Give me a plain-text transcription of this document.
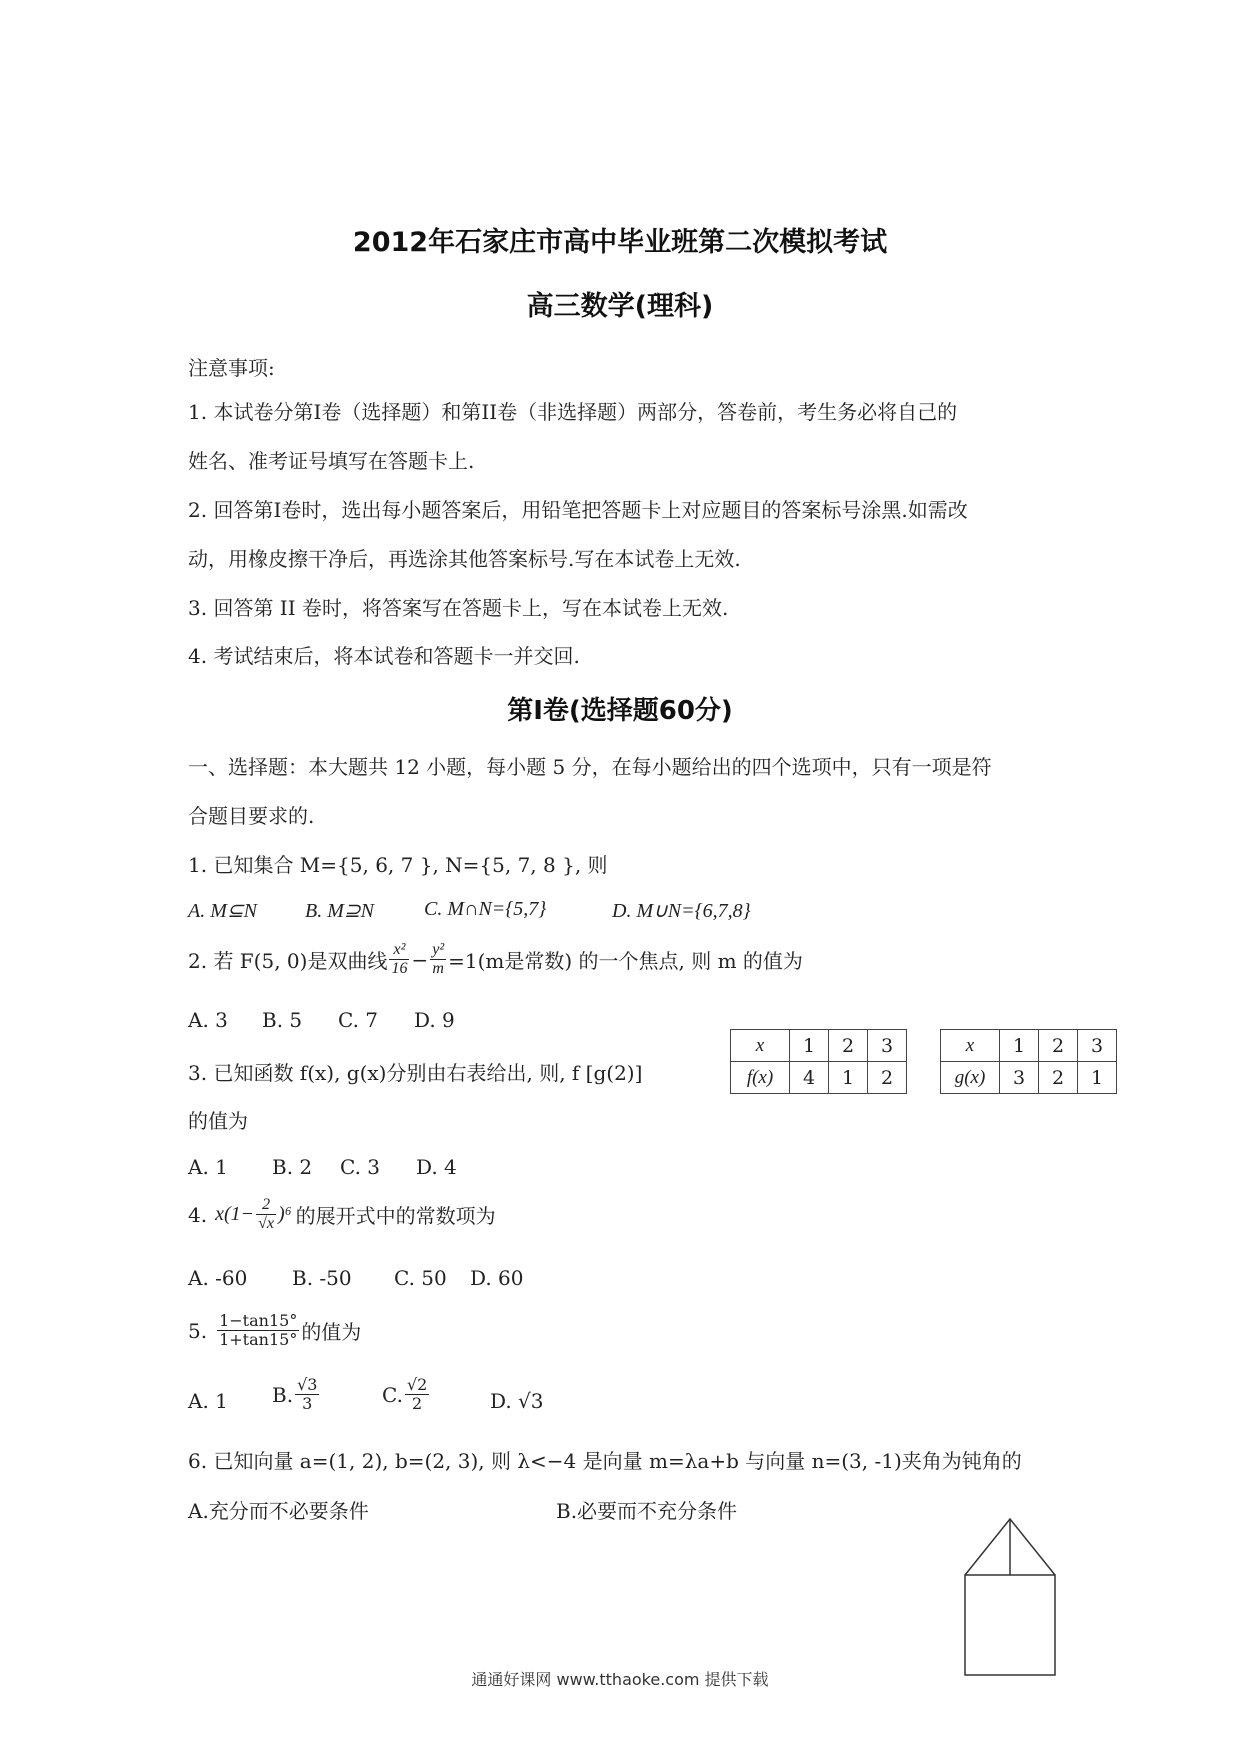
2012年石家庄市高中毕业班第二次模拟考试
高三数学(理科)
注意事项:
1. 本试卷分第Ⅰ卷（选择题）和第II卷（非选择题）两部分，答卷前，考生务必将自己的
姓名、准考证号填写在答题卡上.
2. 回答第Ⅰ卷时，选出每小题答案后，用铅笔把答题卡上对应题目的答案标号涂黑.如需改
动，用橡皮擦干净后，再选涂其他答案标号.写在本试卷上无效.
3. 回答第 II 卷时，将答案写在答题卡上，写在本试卷上无效.
4. 考试结束后，将本试卷和答题卡一并交回.
第Ⅰ卷(选择题60分)
一、选择题：本大题共 12 小题，每小题 5 分，在每小题给出的四个选项中，只有一项是符
合题目要求的.
1. 已知集合 M={5, 6, 7 }, N={5, 7, 8 }, 则
A. M⊆N B. M⊇N	C. M∩N={5,7}	D. M∪N={6,7,8}
2. 若 F(5, 0)是双曲线 $\frac{\text{x²}}{16} - \frac{\text{y²}}{m} =1(m$是常数) 的一个焦点, 则 m 的值为
A. 3 B. 5 C. 7 D. 9
3. 已知函数 f(x), g(x)分别由右表给出, 则, f [g(2)]
的值为
x	1	2	3
f(x)	4	1	2
x	1	2	3
g(x)	3	2	1
A. 1 B. 2 C. 3 D. 4
4. $x(1- \frac{2}{√x} )^6$ 的展开式中的常数项为
A. -60 B. -50 C. 50 D. 60
5. $\frac{1-\tan 15^\circ}{1+\tan 15^\circ}$ 的值为
A. 1 B. $\frac{√3}{3}$	C. $\frac{√2}{2}$	D. √3
6. 已知向量 a=(1, 2), b=(2, 3), 则 λ<−4 是向量 m=λa+b 与向量 n=(3, -1)夹角为钝角的
A.充分而不必要条件	B.必要而不充分条件
通通好课网 www.tthaoke.com 提供下载
